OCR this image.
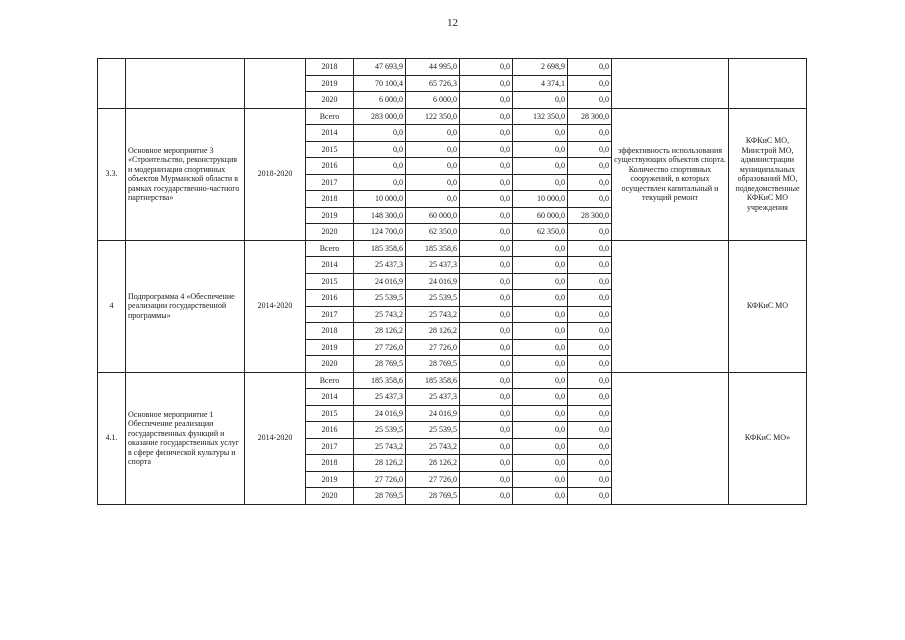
12
			2018	47 693,9	44 995,0	0,0	2 698,9	0,0		
			2019	70 100,4	65 726,3	0,0	4 374,1	0,0		
			2020	6 000,0	6 000,0	0,0	0,0	0,0		
3.3.	Основное мероприятие 3 «Строительство, реконструкция и модернизация спортивных объектов Мурманской области в рамках государственно-частного партнерства»	2018-2020	Всего	283 000,0	122 350,0	0,0	132 350,0	28 300,0	эффективность использования существующих объектов спорта. Количество спортивных сооружений, в которых осуществлен капитальный и текущий ремонт	КФКиС МО, Минстрой МО, администрации муниципальных образований МО, подведомственные КФКиС МО учреждения
			2014	0,0	0,0	0,0	0,0	0,0		
			2015	0,0	0,0	0,0	0,0	0,0		
			2016	0,0	0,0	0,0	0,0	0,0		
			2017	0,0	0,0	0,0	0,0	0,0		
			2018	10 000,0	0,0	0,0	10 000,0	0,0		
			2019	148 300,0	60 000,0	0,0	60 000,0	28 300,0		
			2020	124 700,0	62 350,0	0,0	62 350,0	0,0		
4	Подпрограмма 4 «Обеспечение реализации государственной программы»	2014-2020	Всего	185 358,6	185 358,6	0,0	0,0	0,0		КФКиС МО
			2014	25 437,3	25 437,3	0,0	0,0	0,0		
			2015	24 016,9	24 016,9	0,0	0,0	0,0		
			2016	25 539,5	25 539,5	0,0	0,0	0,0		
			2017	25 743,2	25 743,2	0,0	0,0	0,0		
			2018	28 126,2	28 126,2	0,0	0,0	0,0		
			2019	27 726,0	27 726,0	0,0	0,0	0,0		
			2020	28 769,5	28 769,5	0,0	0,0	0,0		
4.1.	Основное мероприятие 1 Обеспечение реализации государственных функций и оказание государственных услуг в сфере физической культуры и спорта	2014-2020	Всего	185 358,6	185 358,6	0,0	0,0	0,0		КФКиС МО»
			2014	25 437,3	25 437,3	0,0	0,0	0,0		
			2015	24 016,9	24 016,9	0,0	0,0	0,0		
			2016	25 539,5	25 539,5	0,0	0,0	0,0		
			2017	25 743,2	25 743,2	0,0	0,0	0,0		
			2018	28 126,2	28 126,2	0,0	0,0	0,0		
			2019	27 726,0	27 726,0	0,0	0,0	0,0		
			2020	28 769,5	28 769,5	0,0	0,0	0,0		
